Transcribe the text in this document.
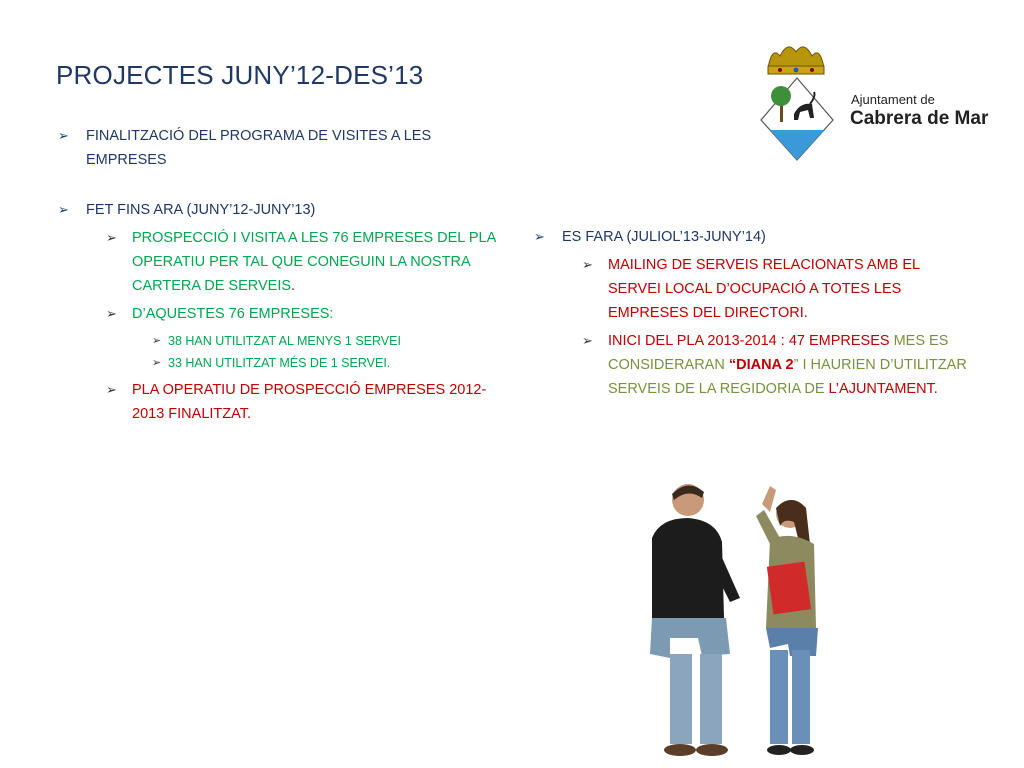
PROJECTES JUNY’12-DES’13
➢ FINALITZACIÓ DEL PROGRAMA DE VISITES A LES EMPRESES
➢ FET FINS ARA (JUNY’12-JUNY’13)
➢ PROSPECCIÓ I VISITA A LES 76 EMPRESES DEL PLA OPERATIU PER TAL QUE CONEGUIN LA NOSTRA CARTERA DE SERVEIS.
➢ D’AQUESTES 76 EMPRESES:
➢ 38 HAN UTILITZAT AL MENYS 1 SERVEI
➢ 33 HAN UTILITZAT MÉS DE 1 SERVEI.
➢ PLA OPERATIU DE PROSPECCIÓ EMPRESES 2012-2013 FINALITZAT.
➢ ES FARA (JULIOL’13-JUNY’14)
➢ MAILING DE SERVEIS RELACIONATS AMB EL SERVEI LOCAL D’OCUPACIÓ A TOTES LES EMPRESES DEL DIRECTORI.
➢ INICI DEL PLA 2013-2014 : 47 EMPRESES MES ES CONSIDERARAN “DIANA 2” I HAURIEN D’UTILITZAR SERVEIS DE LA REGIDORIA DE L’AJUNTAMENT.
Ajuntament de
Cabrera de Mar
